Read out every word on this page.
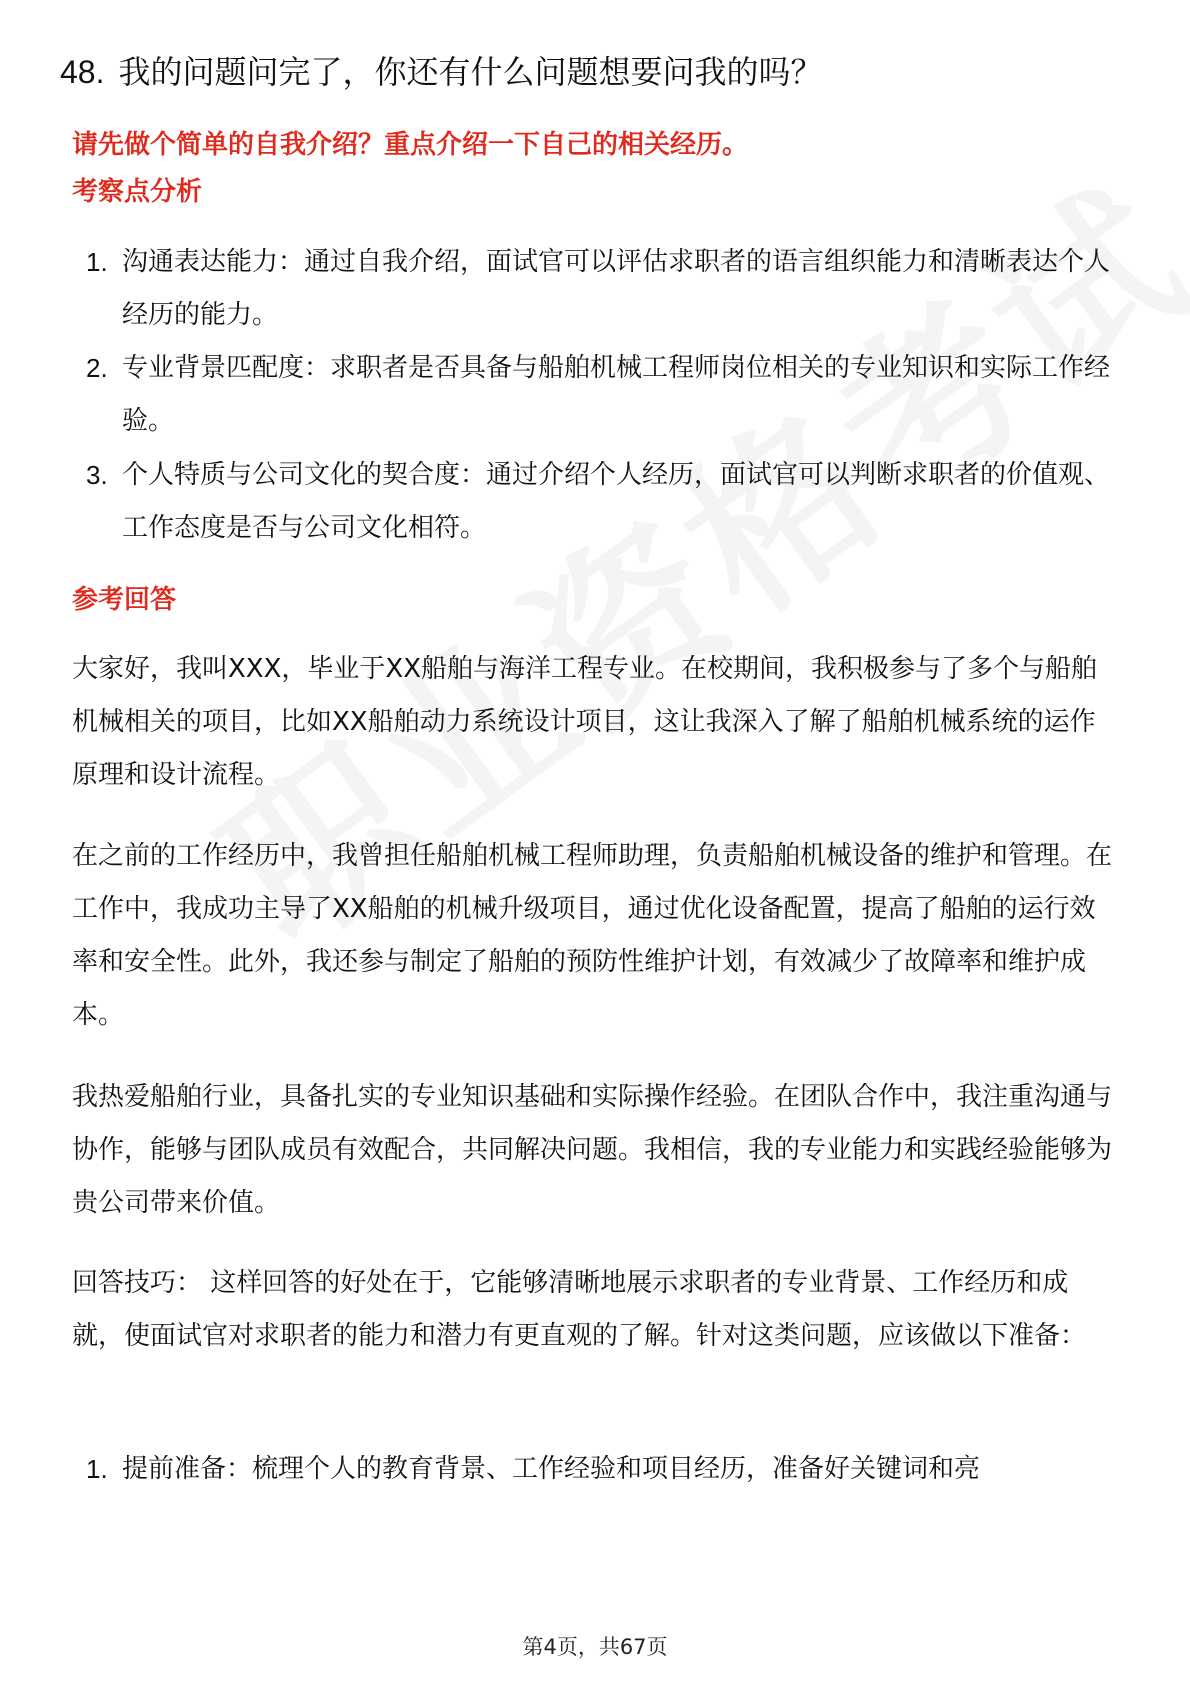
48. 我的问题问完了，你还有什么问题想要问我的吗？
请先做个简单的自我介绍？重点介绍一下自己的相关经历。
考察点分析
1. 沟通表达能力：通过自我介绍，面试官可以评估求职者的语言组织能力和清晰表达个人经历的能力。
2. 专业背景匹配度：求职者是否具备与船舶机械工程师岗位相关的专业知识和实际工作经验。
3. 个人特质与公司文化的契合度：通过介绍个人经历，面试官可以判断求职者的价值观、工作态度是否与公司文化相符。
参考回答
大家好，我叫XXX，毕业于XX船舶与海洋工程专业。在校期间，我积极参与了多个与船舶机械相关的项目，比如XX船舶动力系统设计项目，这让我深入了解了船舶机械系统的运作原理和设计流程。
在之前的工作经历中，我曾担任船舶机械工程师助理，负责船舶机械设备的维护和管理。在工作中，我成功主导了XX船舶的机械升级项目，通过优化设备配置，提高了船舶的运行效率和安全性。此外，我还参与制定了船舶的预防性维护计划，有效减少了故障率和维护成本。
我热爱船舶行业，具备扎实的专业知识基础和实际操作经验。在团队合作中，我注重沟通与协作，能够与团队成员有效配合，共同解决问题。我相信，我的专业能力和实践经验能够为贵公司带来价值。
回答技巧： 这样回答的好处在于，它能够清晰地展示求职者的专业背景、工作经历和成就，使面试官对求职者的能力和潜力有更直观的了解。针对这类问题，应该做以下准备：
1. 提前准备：梳理个人的教育背景、工作经验和项目经历，准备好关键词和亮
第4页，共67页
